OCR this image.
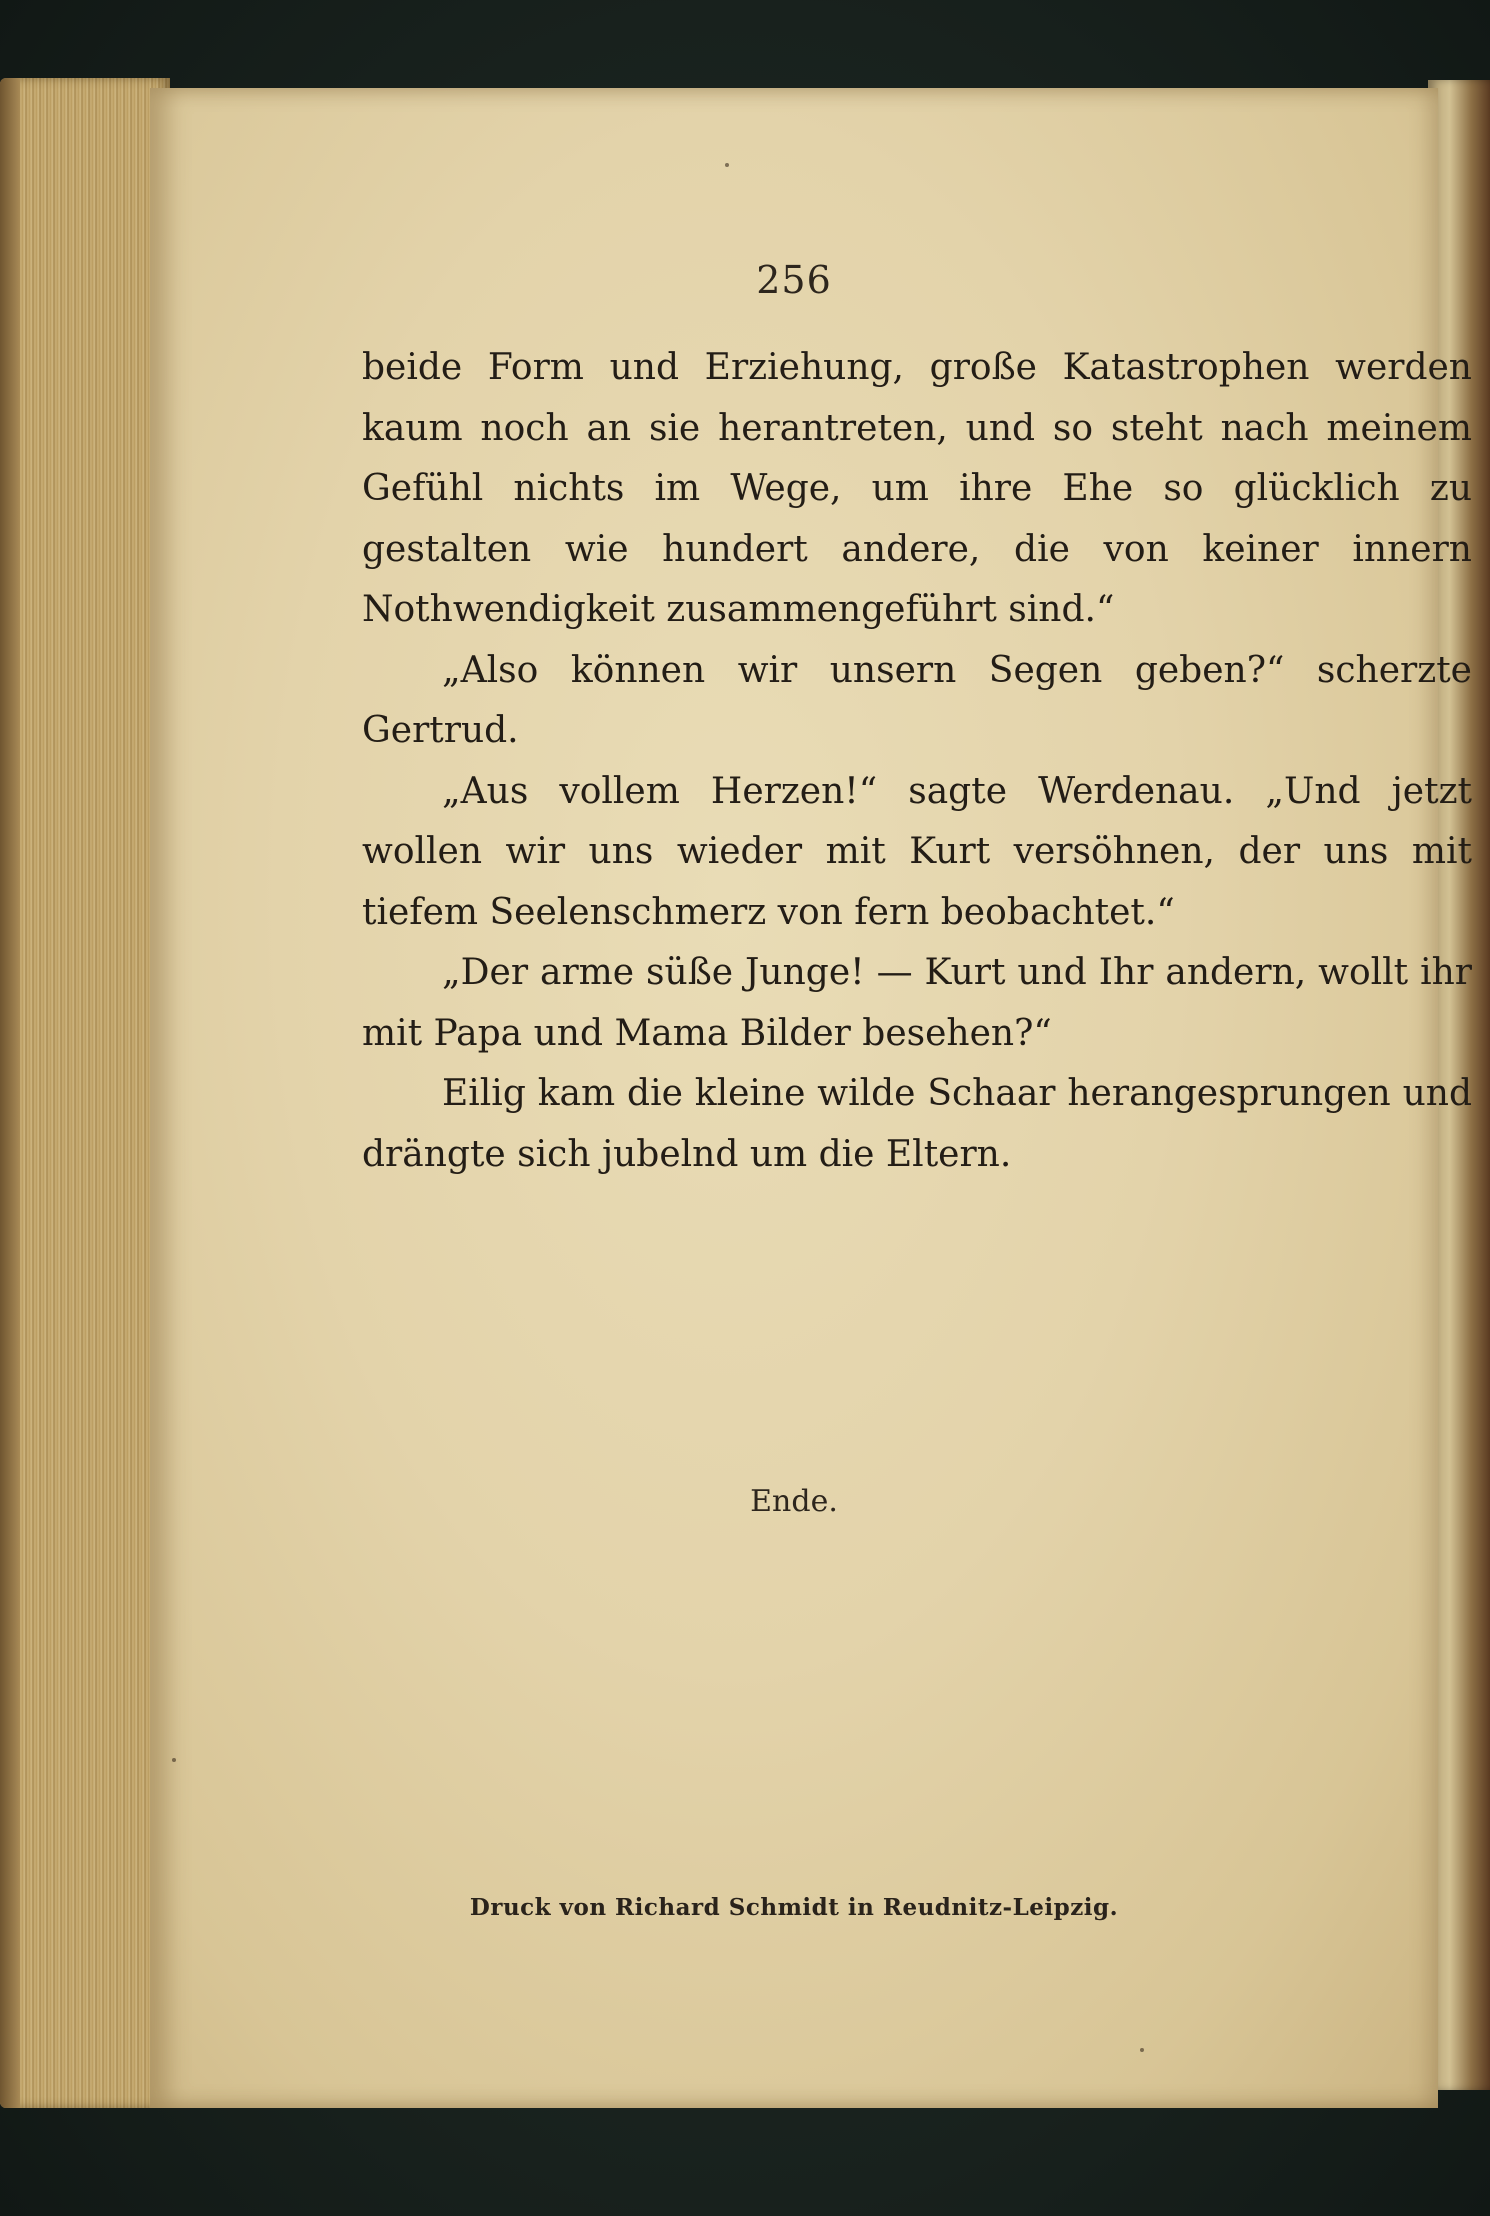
256

beide Form und Erziehung, große Katastrophen werden kaum noch an sie herantreten, und so steht nach meinem Gefühl nichts im Wege, um ihre Ehe so glücklich zu gestalten wie hundert andere, die von keiner innern Nothwendigkeit zusammengeführt sind.“

„Also können wir unsern Segen geben?“ scherzte Gertrud.

„Aus vollem Herzen!“ sagte Werdenau. „Und jetzt wollen wir uns wieder mit Kurt versöhnen, der uns mit tiefem Seelenschmerz von fern beobachtet.“

„Der arme süße Junge! — Kurt und Ihr andern, wollt ihr mit Papa und Mama Bilder besehen?“

Eilig kam die kleine wilde Schaar herangesprungen und drängte sich jubelnd um die Eltern.

Ende.
Druck von Richard Schmidt in Reudnitz-Leipzig.
